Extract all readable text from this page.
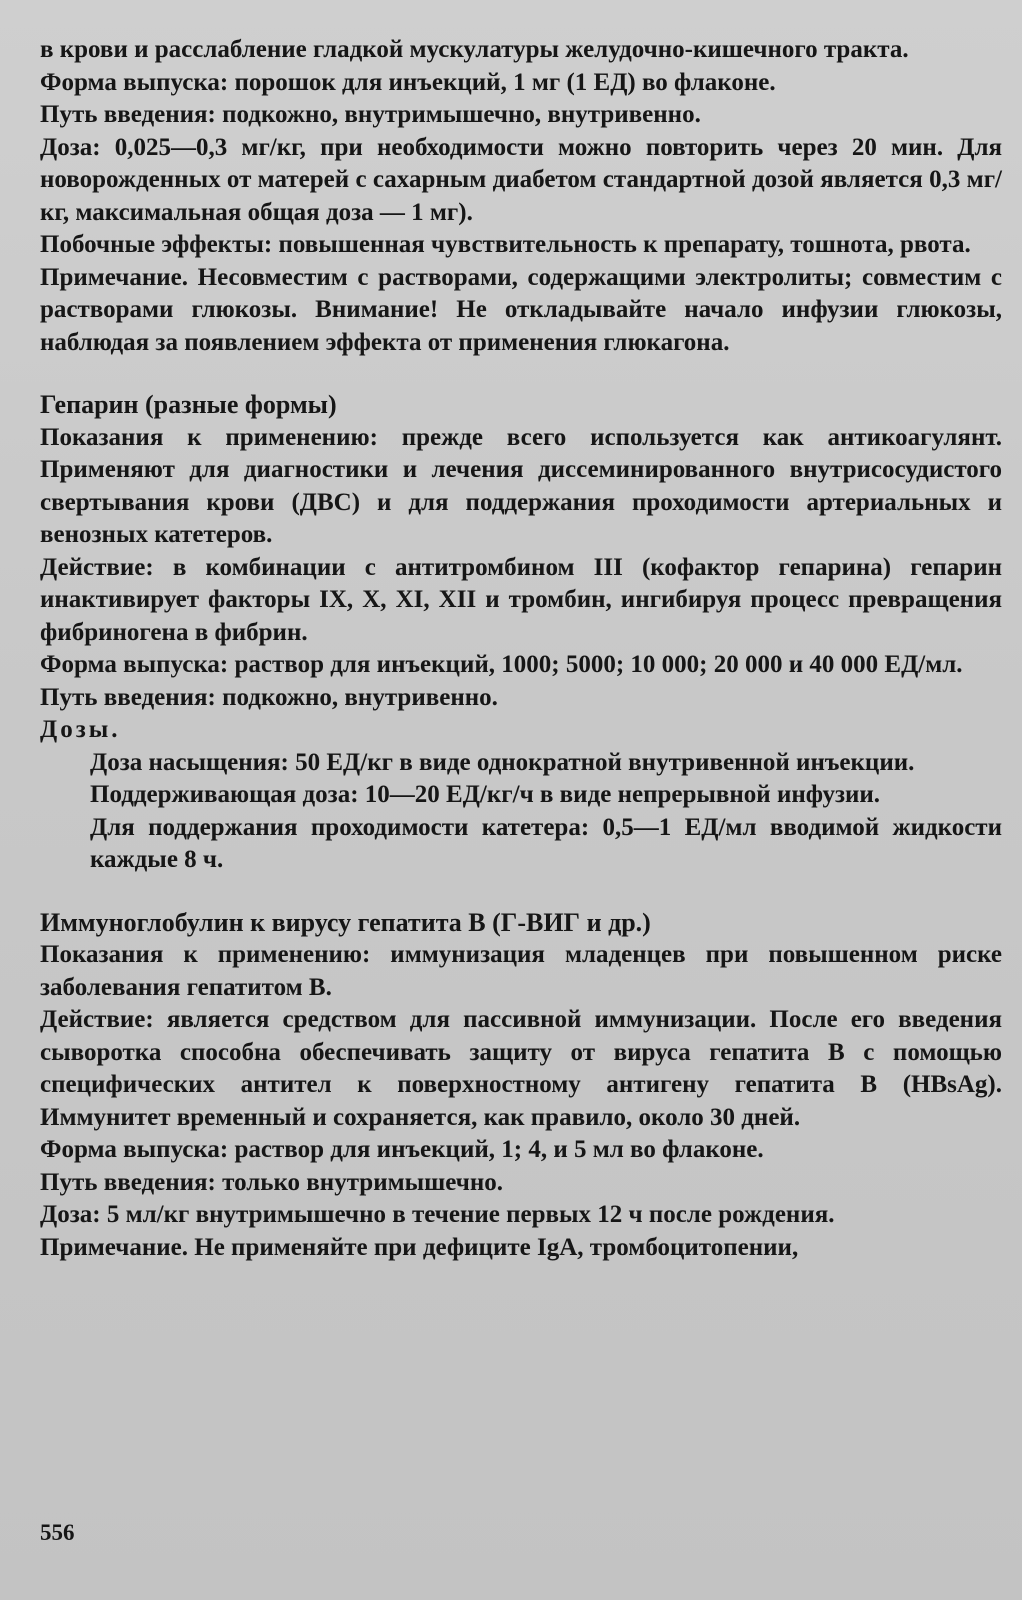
в крови и расслабление гладкой мускулатуры желудочно-кишечного тракта.

Форма выпуска: порошок для инъекций, 1 мг (1 ЕД) во флаконе.

Путь введения: подкожно, внутримышечно, внутривенно.

Доза: 0,025—0,3 мг/кг, при необходимости можно повторить через 20 мин. Для новорожденных от матерей с сахарным диабетом стандартной дозой является 0,3 мг/кг, максимальная общая доза — 1 мг).

Побочные эффекты: повышенная чувствительность к препарату, тошнота, рвота.

Примечание. Несовместим с растворами, содержащими электролиты; совместим с растворами глюкозы. Внимание! Не откладывайте начало инфузии глюкозы, наблюдая за появлением эффекта от применения глюкагона.

Гепарин (разные формы)

Показания к применению: прежде всего используется как антикоагулянт. Применяют для диагностики и лечения диссеминированного внутрисосудистого свертывания крови (ДВС) и для поддержания проходимости артериальных и венозных катетеров.

Действие: в комбинации с антитромбином III (кофактор гепарина) гепарин инактивирует факторы IX, X, XI, XII и тромбин, ингибируя процесс превращения фибриногена в фибрин.

Форма выпуска: раствор для инъекций, 1000; 5000; 10 000; 20 000 и 40 000 ЕД/мл.

Путь введения: подкожно, внутривенно.

Дозы.

Доза насыщения: 50 ЕД/кг в виде однократной внутривенной инъекции.

Поддерживающая доза: 10—20 ЕД/кг/ч в виде непрерывной инфузии.

Для поддержания проходимости катетера: 0,5—1 ЕД/мл вводимой жидкости каждые 8 ч.

Иммуноглобулин к вирусу гепатита В (Г-ВИГ и др.)

Показания к применению: иммунизация младенцев при повышенном риске заболевания гепатитом В.

Действие: является средством для пассивной иммунизации. После его введения сыворотка способна обеспечивать защиту от вируса гепатита В с помощью специфических антител к поверхностному антигену гепатита В (HBsAg). Иммунитет временный и сохраняется, как правило, около 30 дней.

Форма выпуска: раствор для инъекций, 1; 4, и 5 мл во флаконе.

Путь введения: только внутримышечно.

Доза: 5 мл/кг внутримышечно в течение первых 12 ч после рождения.

Примечание. Не применяйте при дефиците IgA, тромбоцитопении,

556
